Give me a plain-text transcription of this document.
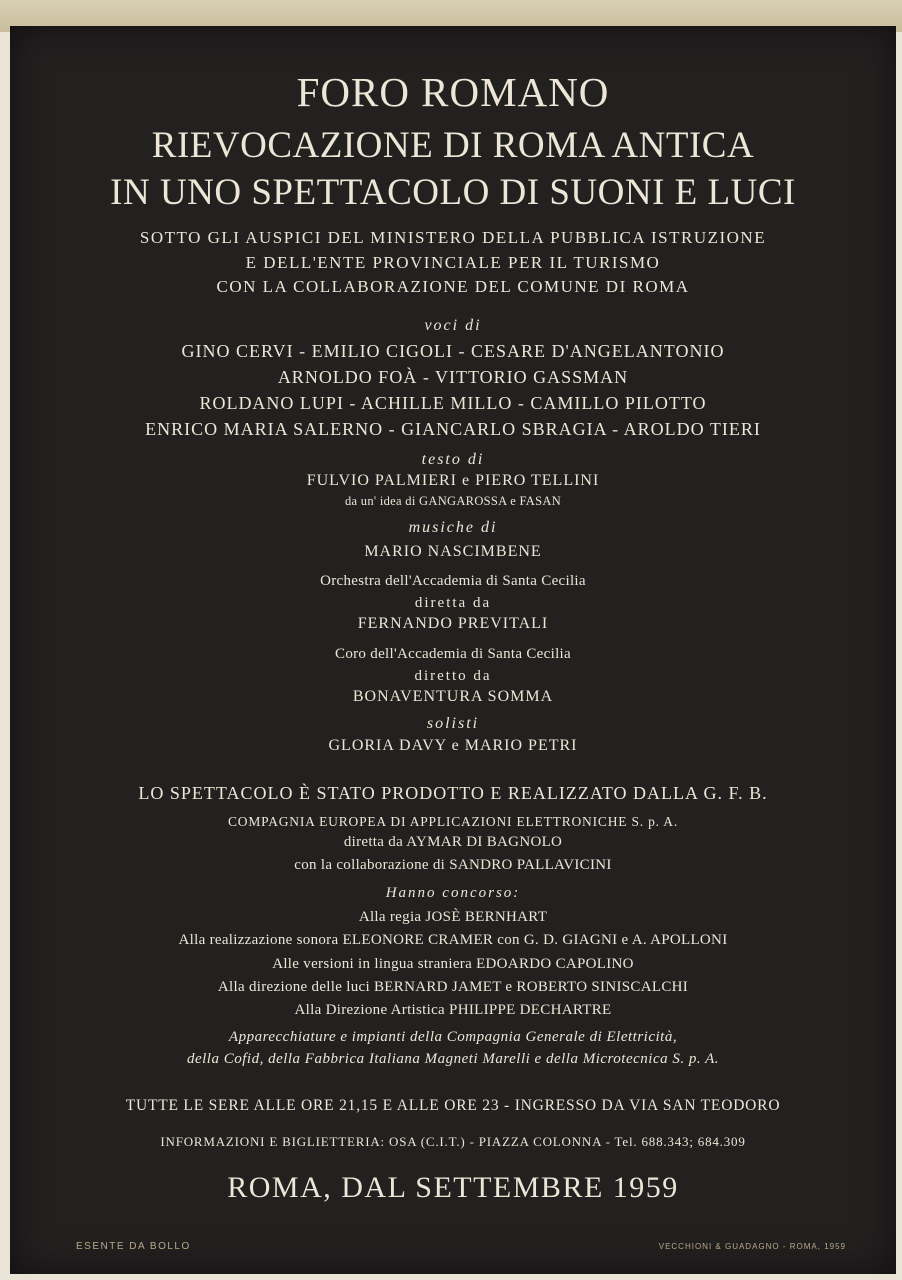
FORO ROMANO
RIEVOCAZIONE DI ROMA ANTICA
IN UNO SPETTACOLO DI SUONI E LUCI
SOTTO GLI AUSPICI DEL MINISTERO DELLA PUBBLICA ISTRUZIONE
E DELL'ENTE PROVINCIALE PER IL TURISMO
CON LA COLLABORAZIONE DEL COMUNE DI ROMA
voci di
GINO CERVI - EMILIO CIGOLI - CESARE D'ANGELANTONIO
ARNOLDO FOÀ - VITTORIO GASSMAN
ROLDANO LUPI - ACHILLE MILLO - CAMILLO PILOTTO
ENRICO MARIA SALERNO - GIANCARLO SBRAGIA - AROLDO TIERI
testo di
FULVIO PALMIERI e PIERO TELLINI
da un' idea di GANGAROSSA e FASAN
musiche di
MARIO NASCIMBENE
Orchestra dell'Accademia di Santa Cecilia
diretta da
FERNANDO PREVITALI
Coro dell'Accademia di Santa Cecilia
diretto da
BONAVENTURA SOMMA
solisti
GLORIA DAVY e MARIO PETRI
LO SPETTACOLO È STATO PRODOTTO E REALIZZATO DALLA G. F. B.
COMPAGNIA EUROPEA DI APPLICAZIONI ELETTRONICHE S. p. A.
diretta da AYMAR DI BAGNOLO
con la collaborazione di SANDRO PALLAVICINI
Hanno concorso:
Alla regia JOSÈ BERNHART
Alla realizzazione sonora ELEONORE CRAMER con G. D. GIAGNI e A. APOLLONI
Alle versioni in lingua straniera EDOARDO CAPOLINO
Alla direzione delle luci BERNARD JAMET e ROBERTO SINISCALCHI
Alla Direzione Artistica PHILIPPE DECHARTRE
Apparecchiature e impianti della Compagnia Generale di Elettricità,
della Cofid, della Fabbrica Italiana Magneti Marelli e della Microtecnica S. p. A.
TUTTE LE SERE ALLE ORE 21,15 E ALLE ORE 23 - INGRESSO DA VIA SAN TEODORO
INFORMAZIONI E BIGLIETTERIA: OSA (C.I.T.) - PIAZZA COLONNA - Tel. 688.343; 684.309
ROMA, DAL SETTEMBRE 1959
ESENTE DA BOLLO	VECCHIONI & GUADAGNO - ROMA, 1959
